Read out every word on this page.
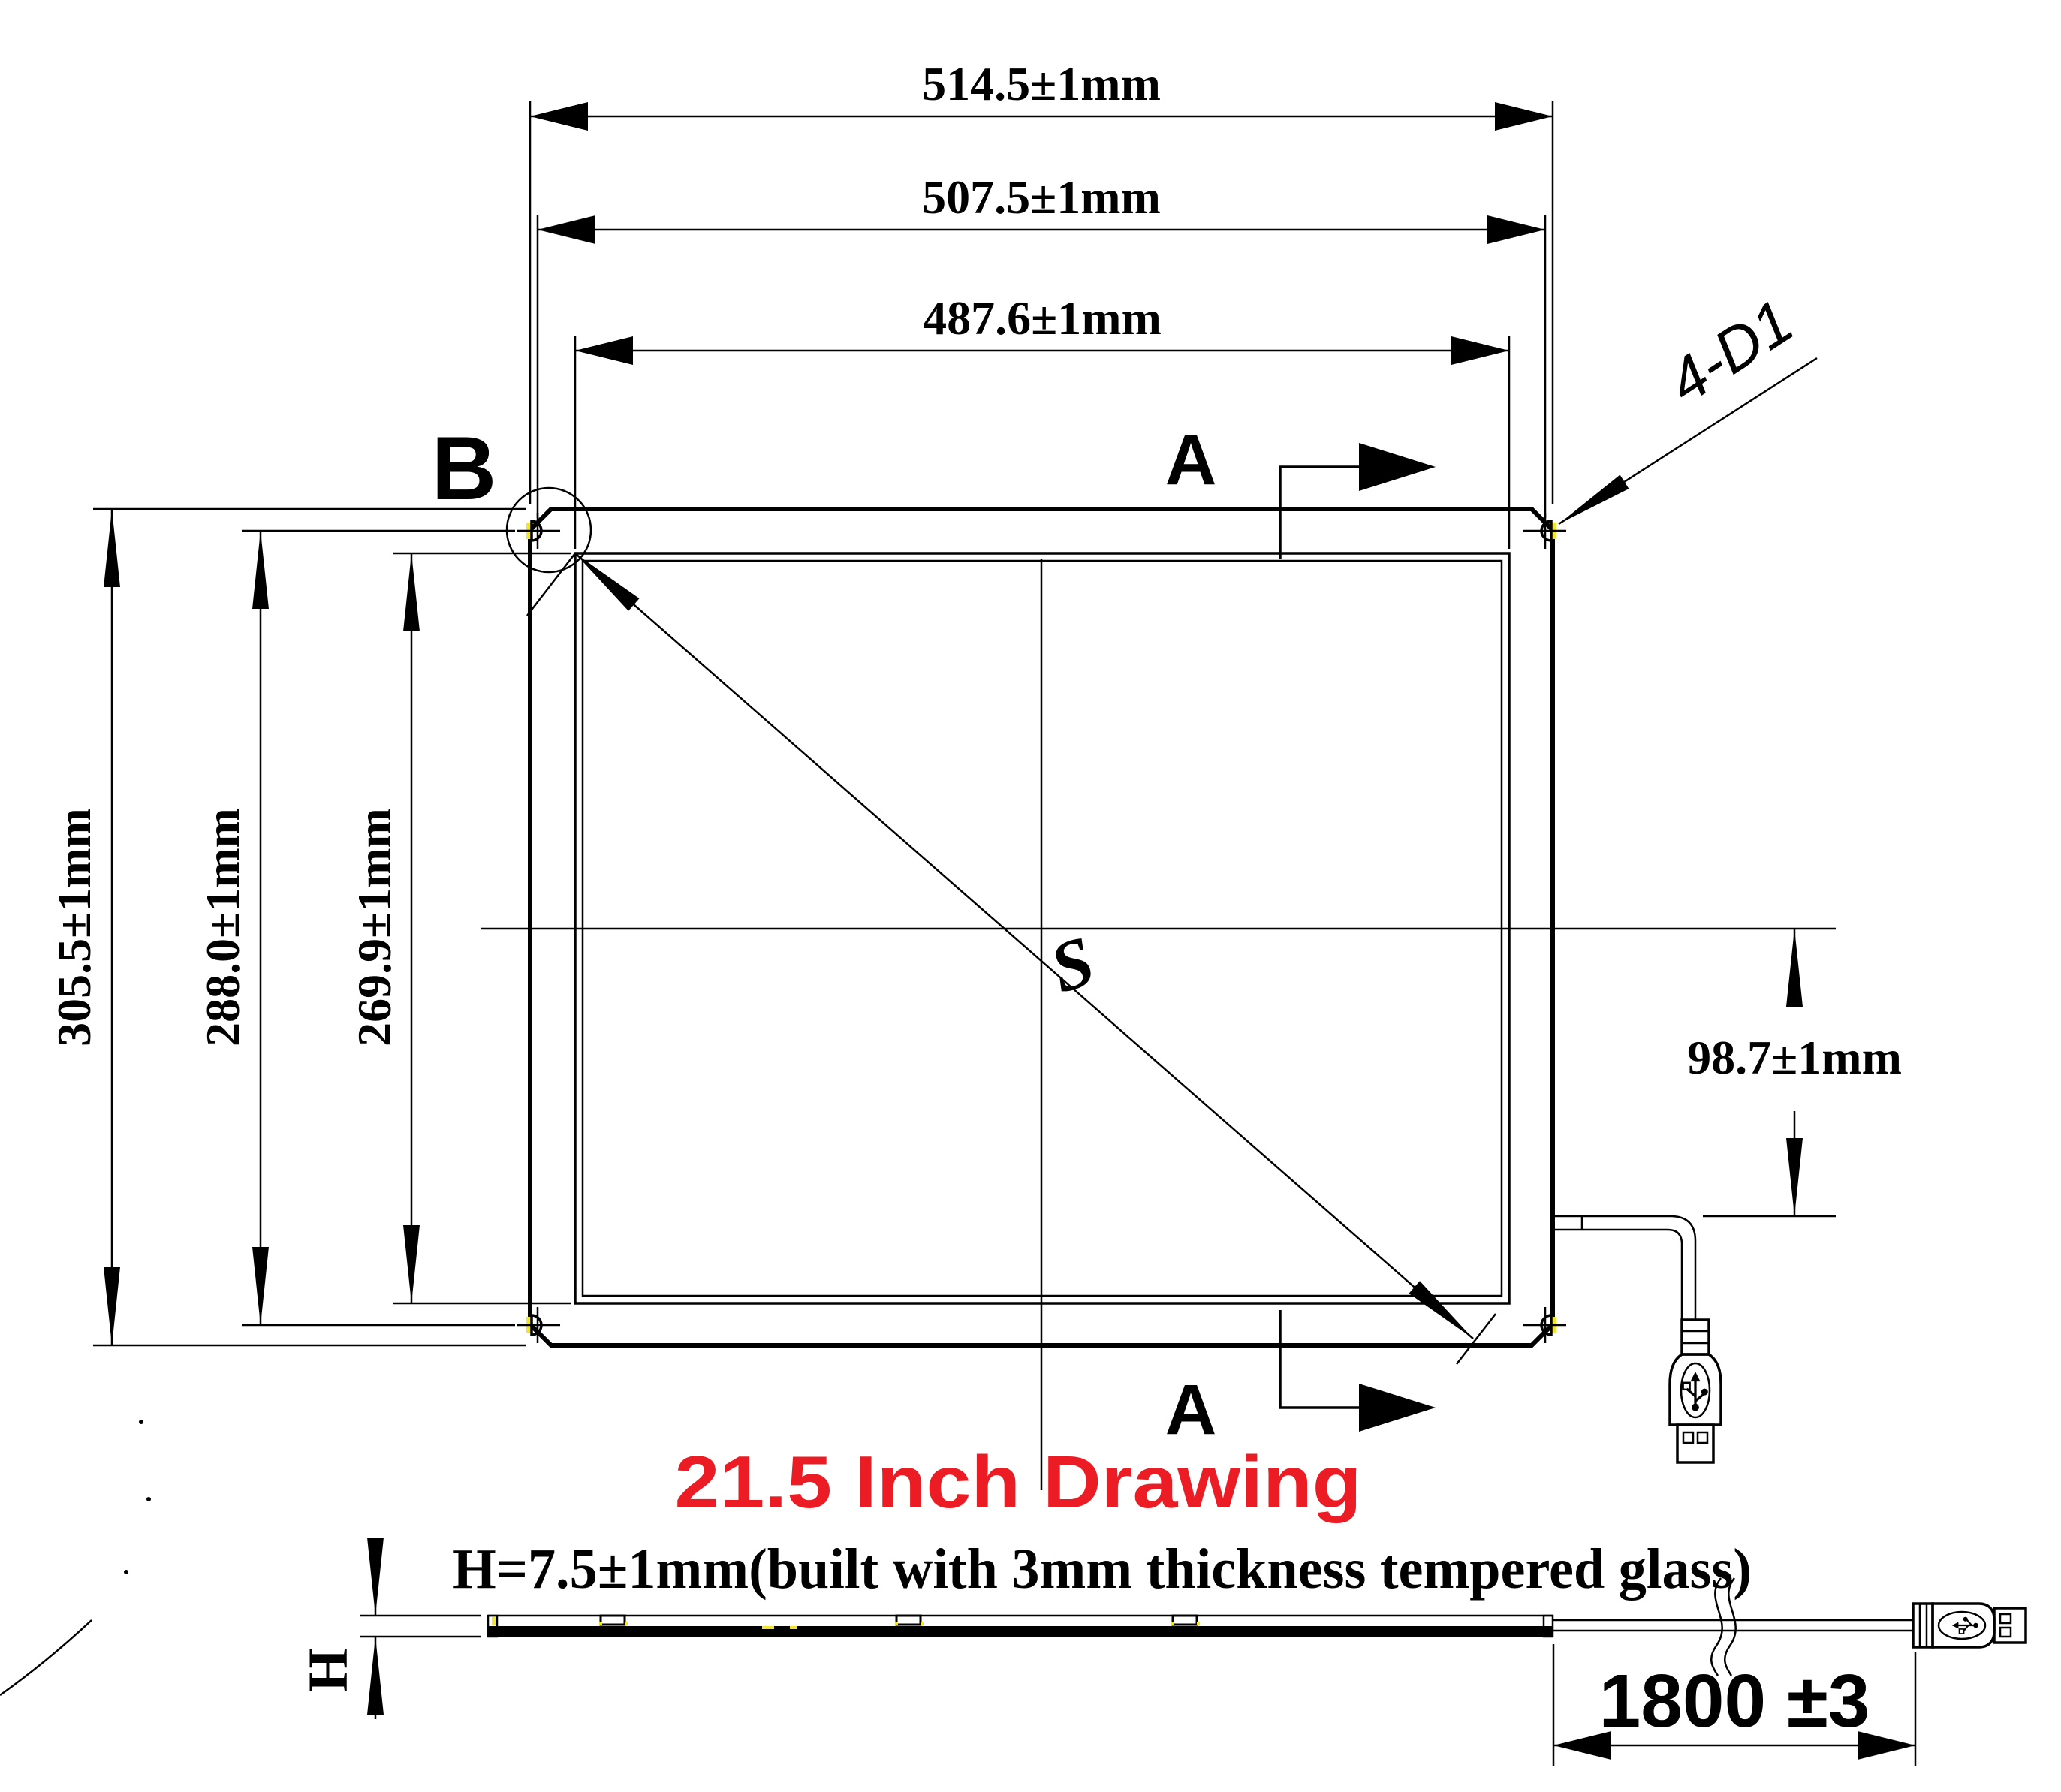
S
B
4-D1
A
A
514.5±1mm
507.5±1mm
487.6±1mm
305.5±1mm 288.0±1mm 269.9±1mm
98.7±1mm
21.5 Inch Drawing
H=7.5±1mm(built with 3mm thickness tempered glass)
H	1800 ±3
